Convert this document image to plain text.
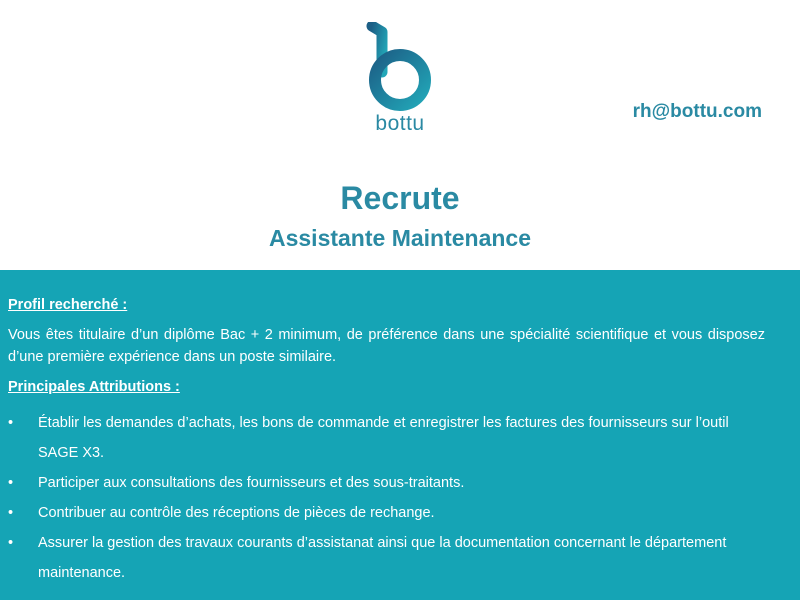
bottu
rh@bottu.com
Recrute
Assistante Maintenance
Profil recherché :
Vous êtes titulaire d’un diplôme Bac + 2 minimum, de préférence dans une spécialité scientifique et vous disposez d’une première expérience dans un poste similaire.
Principales Attributions :
• Établir les demandes d’achats, les bons de commande et enregistrer les factures des fournisseurs sur l’outil SAGE X3.
• Participer aux consultations des fournisseurs et des sous-traitants.
• Contribuer au contrôle des réceptions de pièces de rechange.
• Assurer la gestion des travaux courants d’assistanat ainsi que la documentation concernant le département maintenance.
